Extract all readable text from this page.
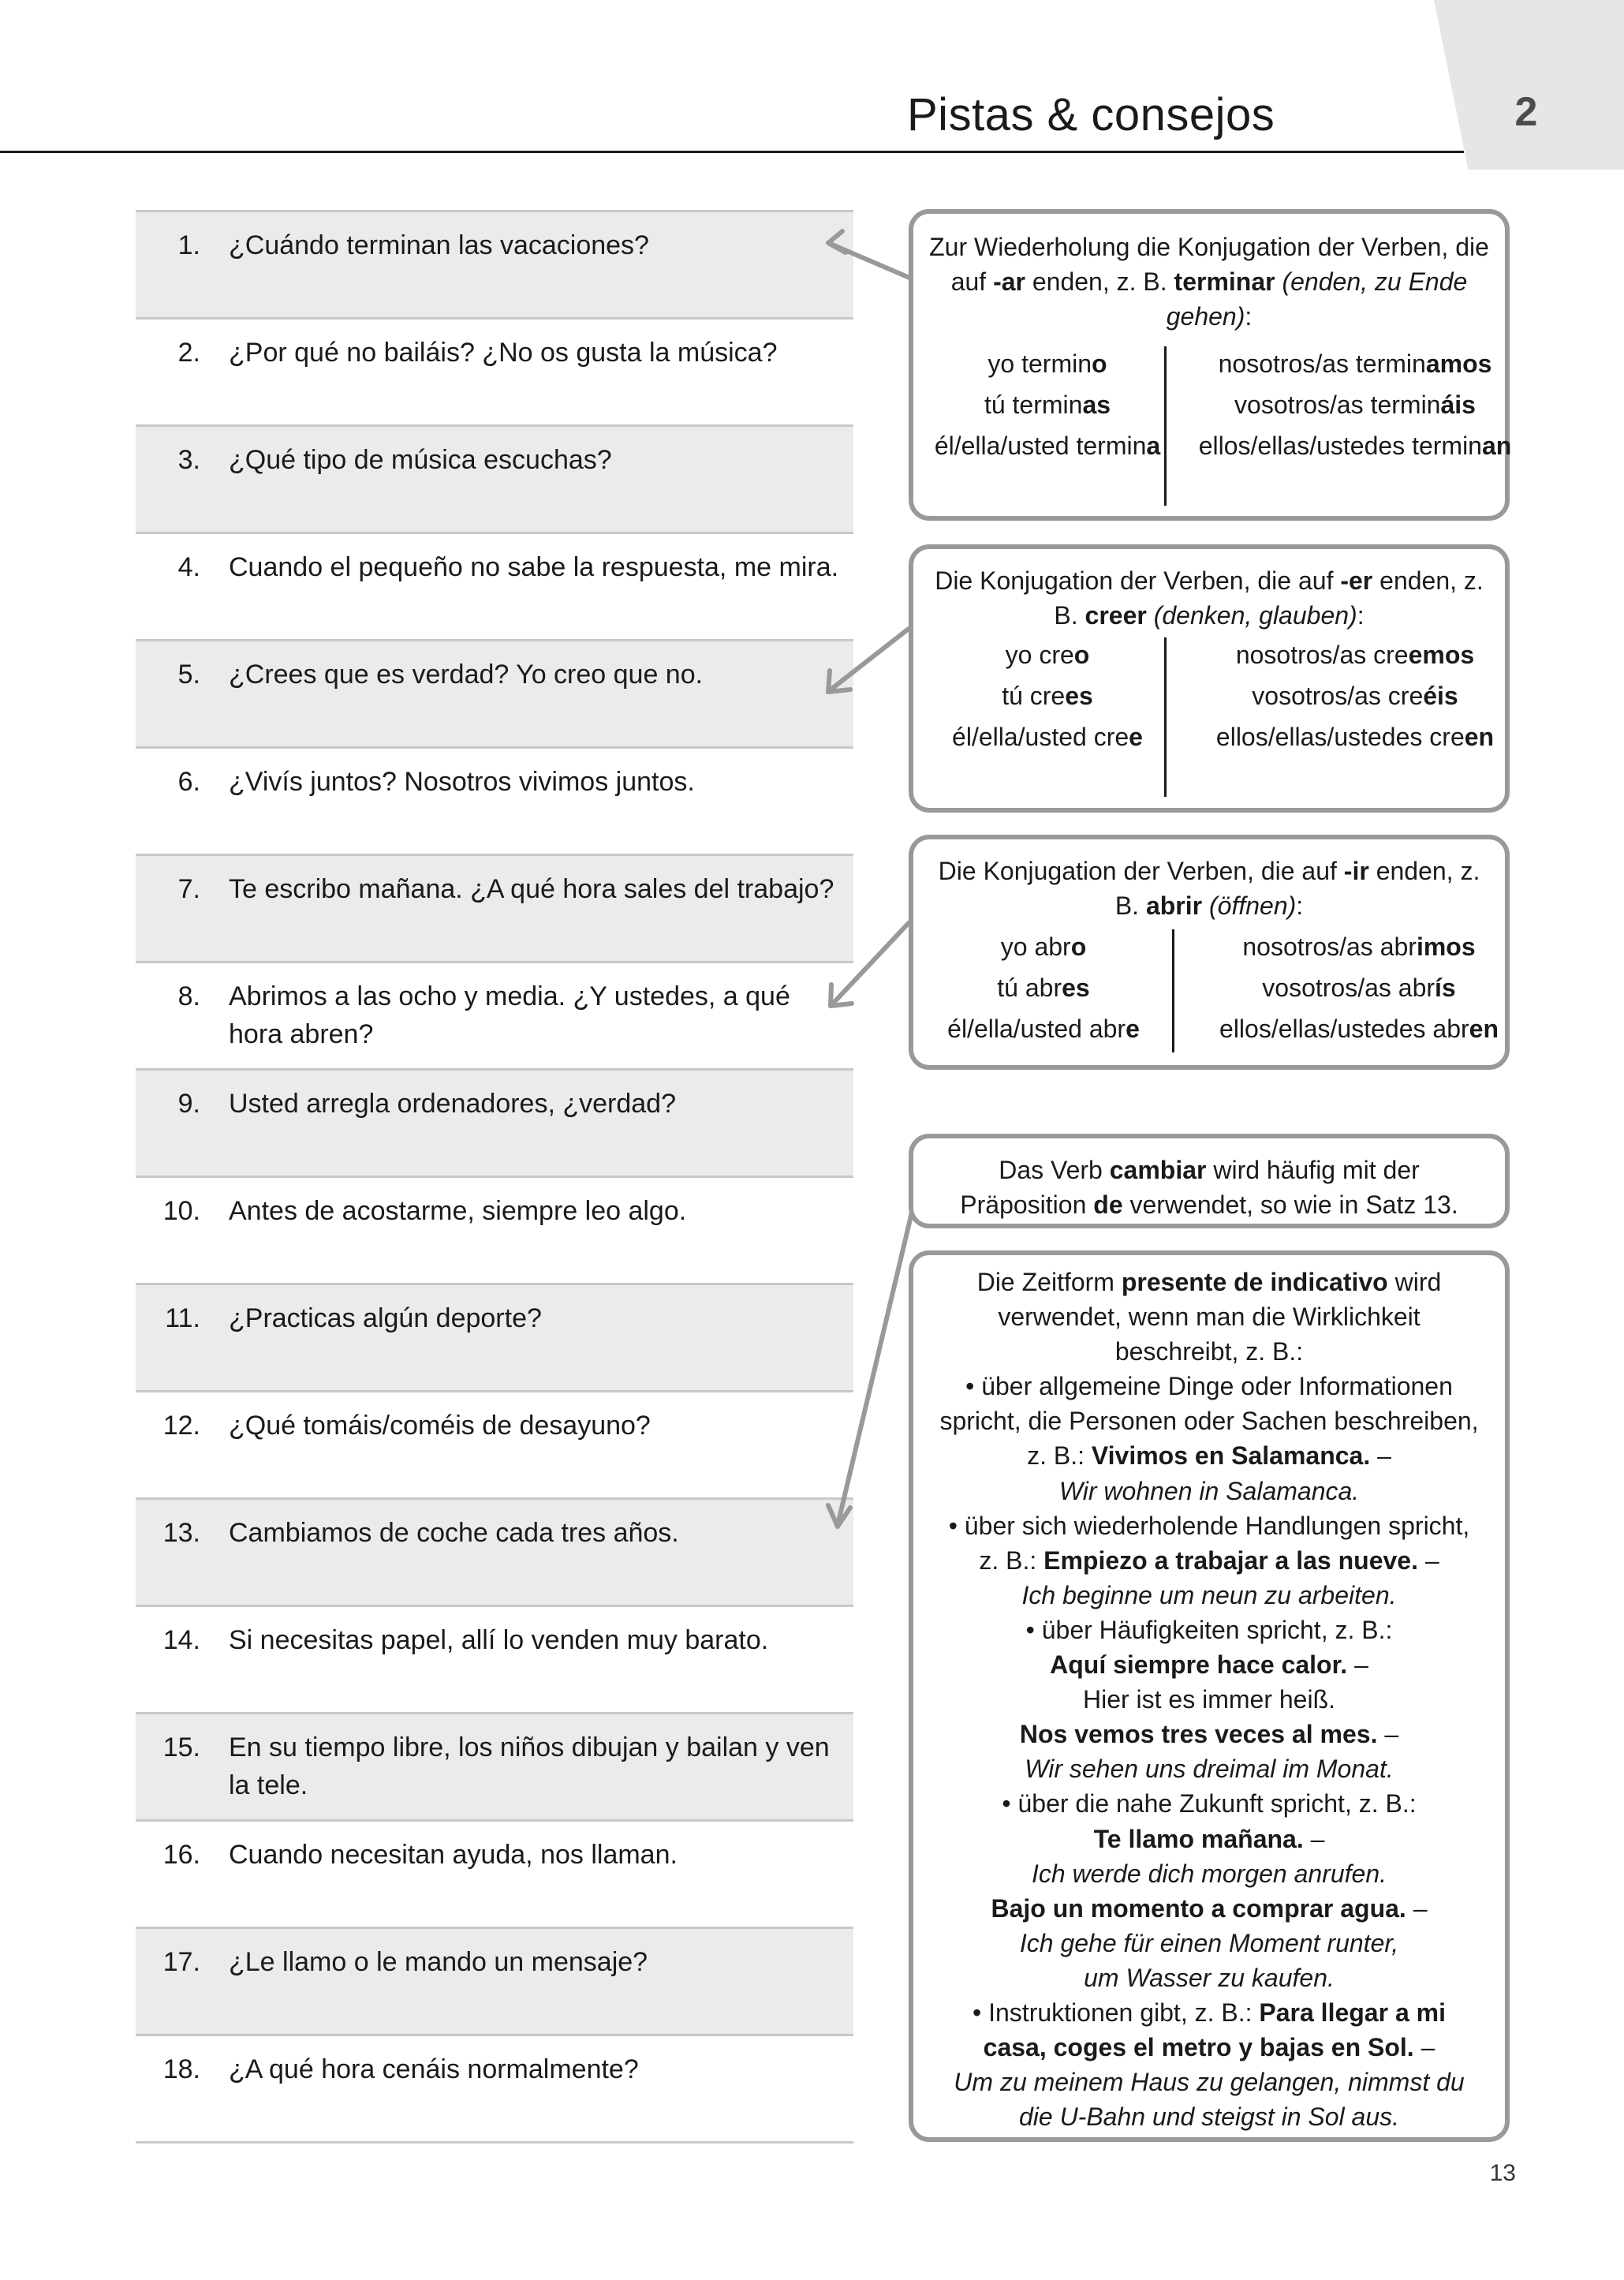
2
Pistas & consejos
1. ¿Cuándo terminan las vacaciones?
2. ¿Por qué no bailáis? ¿No os gusta la música?
3. ¿Qué tipo de música escuchas?
4. Cuando el pequeño no sabe la respuesta, me mira.
5. ¿Crees que es verdad? Yo creo que no.
6. ¿Vivís juntos? Nosotros vivimos juntos.
7. Te escribo mañana. ¿A qué hora sales del trabajo?
8. Abrimos a las ocho y media. ¿Y ustedes, a qué hora abren?
9. Usted arregla ordenadores, ¿verdad?
10. Antes de acostarme, siempre leo algo.
11. ¿Practicas algún deporte?
12. ¿Qué tomáis/coméis de desayuno?
13. Cambiamos de coche cada tres años.
14. Si necesitas papel, allí lo venden muy barato.
15. En su tiempo libre, los niños dibujan y bailan y ven la tele.
16. Cuando necesitan ayuda, nos llaman.
17. ¿Le llamo o le mando un mensaje?
18. ¿A qué hora cenáis normalmente?
Zur Wiederholung die Konjugation der Verben, die auf -ar enden, z. B. terminar (enden, zu Ende gehen):
yo termino
tú terminas
él/ella/usted termina
nosotros/as terminamos
vosotros/as termináis
ellos/ellas/ustedes terminan
Die Konjugation der Verben, die auf -er enden, z. B. creer (denken, glauben):
yo creo
tú crees
él/ella/usted cree
nosotros/as creemos
vosotros/as creéis
ellos/ellas/ustedes creen
Die Konjugation der Verben, die auf -ir enden, z. B. abrir (öffnen):
yo abro
tú abres
él/ella/usted abre
nosotros/as abrimos
vosotros/as abrís
ellos/ellas/ustedes abren
Das Verb cambiar wird häufig mit der
Präposition de verwendet, so wie in Satz 13.
Die Zeitform presente de indicativo wird
verwendet, wenn man die Wirklichkeit
beschreibt, z. B.:
• über allgemeine Dinge oder Informationen
spricht, die Personen oder Sachen beschreiben,
z. B.: Vivimos en Salamanca. –
Wir wohnen in Salamanca.
• über sich wiederholende Handlungen spricht,
z. B.: Empiezo a trabajar a las nueve. –
Ich beginne um neun zu arbeiten.
• über Häufigkeiten spricht, z. B.:
Aquí siempre hace calor. –
Hier ist es immer heiß.
Nos vemos tres veces al mes. –
Wir sehen uns dreimal im Monat.
• über die nahe Zukunft spricht, z. B.:
Te llamo mañana. –
Ich werde dich morgen anrufen.
Bajo un momento a comprar agua. –
Ich gehe für einen Moment runter,
um Wasser zu kaufen.
• Instruktionen gibt, z. B.: Para llegar a mi
casa, coges el metro y bajas en Sol. –
Um zu meinem Haus zu gelangen, nimmst du
die U-Bahn und steigst in Sol aus.
13
